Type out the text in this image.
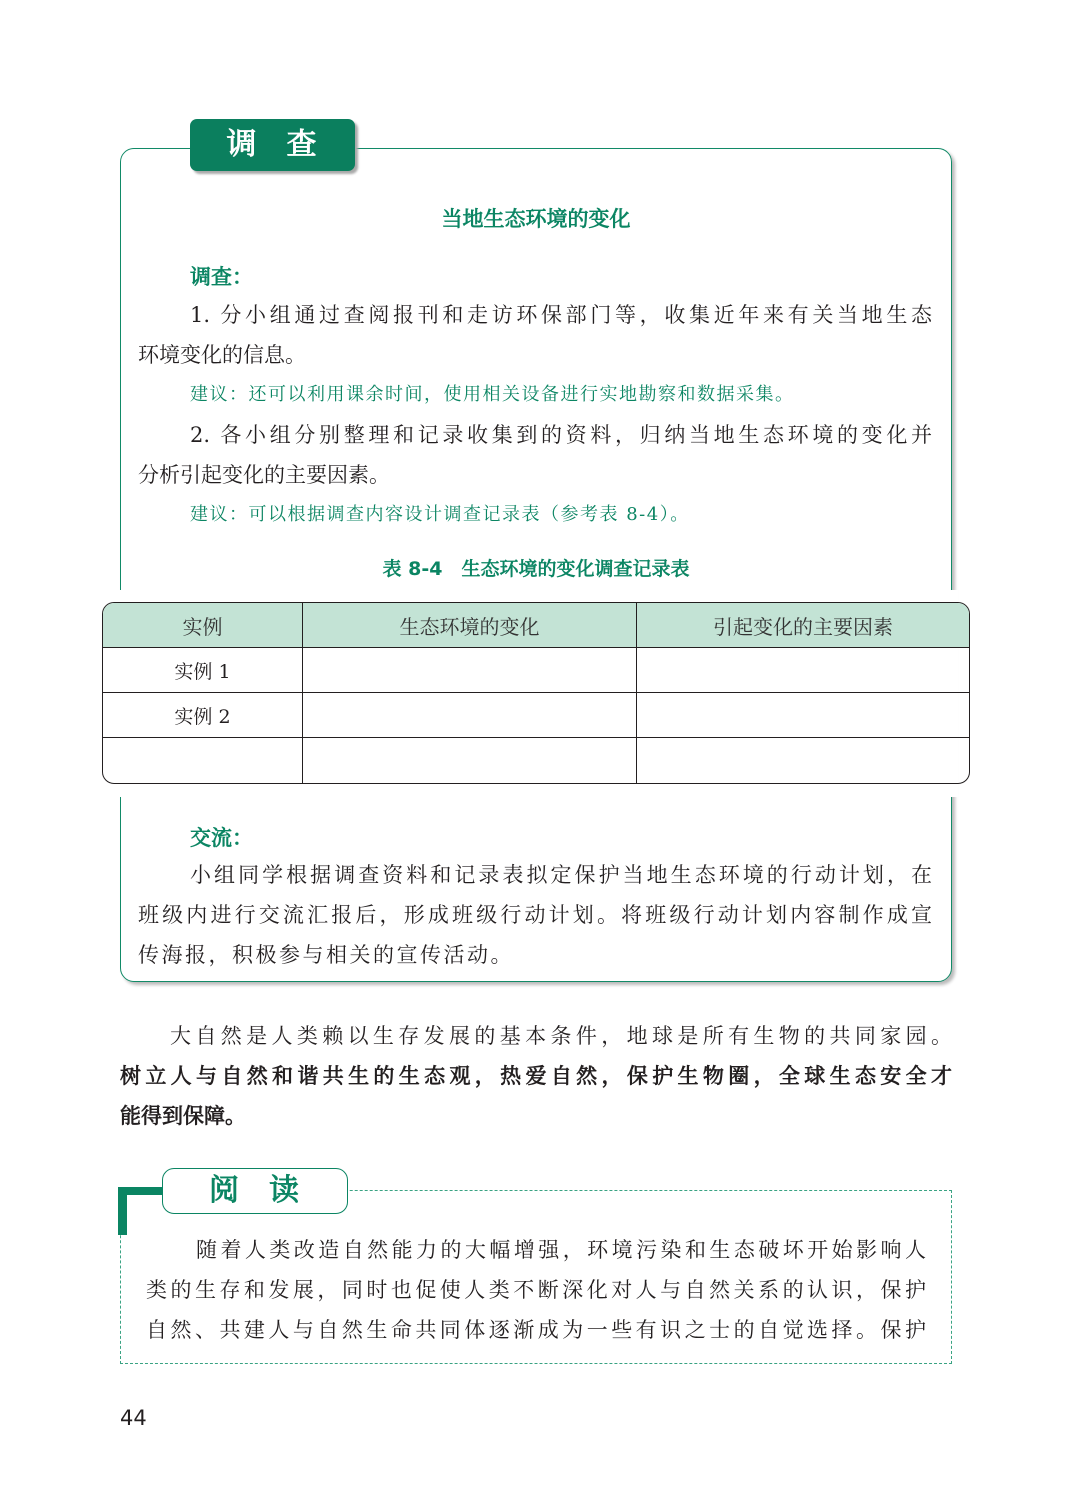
调查
当地生态环境的变化
调查：
1. 分小组通过查阅报刊和走访环保部门等，收集近年来有关当地生态
环境变化的信息。
建议：还可以利用课余时间，使用相关设备进行实地勘察和数据采集。
2. 各小组分别整理和记录收集到的资料，归纳当地生态环境的变化并
分析引起变化的主要因素。
建议：可以根据调查内容设计调查记录表（参考表 8-4）。
表 8-4　生态环境的变化调查记录表
实例	生态环境的变化	引起变化的主要因素
实例 1		
实例 2		

交流：
小组同学根据调查资料和记录表拟定保护当地生态环境的行动计划，在
班级内进行交流汇报后，形成班级行动计划。将班级行动计划内容制作成宣
传海报，积极参与相关的宣传活动。
大自然是人类赖以生存发展的基本条件，地球是所有生物的共同家园。
树立人与自然和谐共生的生态观，热爱自然，保护生物圈，全球生态安全才
能得到保障。
阅读
随着人类改造自然能力的大幅增强，环境污染和生态破坏开始影响人
类的生存和发展，同时也促使人类不断深化对人与自然关系的认识，保护
自然、共建人与自然生命共同体逐渐成为一些有识之士的自觉选择。保护
44
